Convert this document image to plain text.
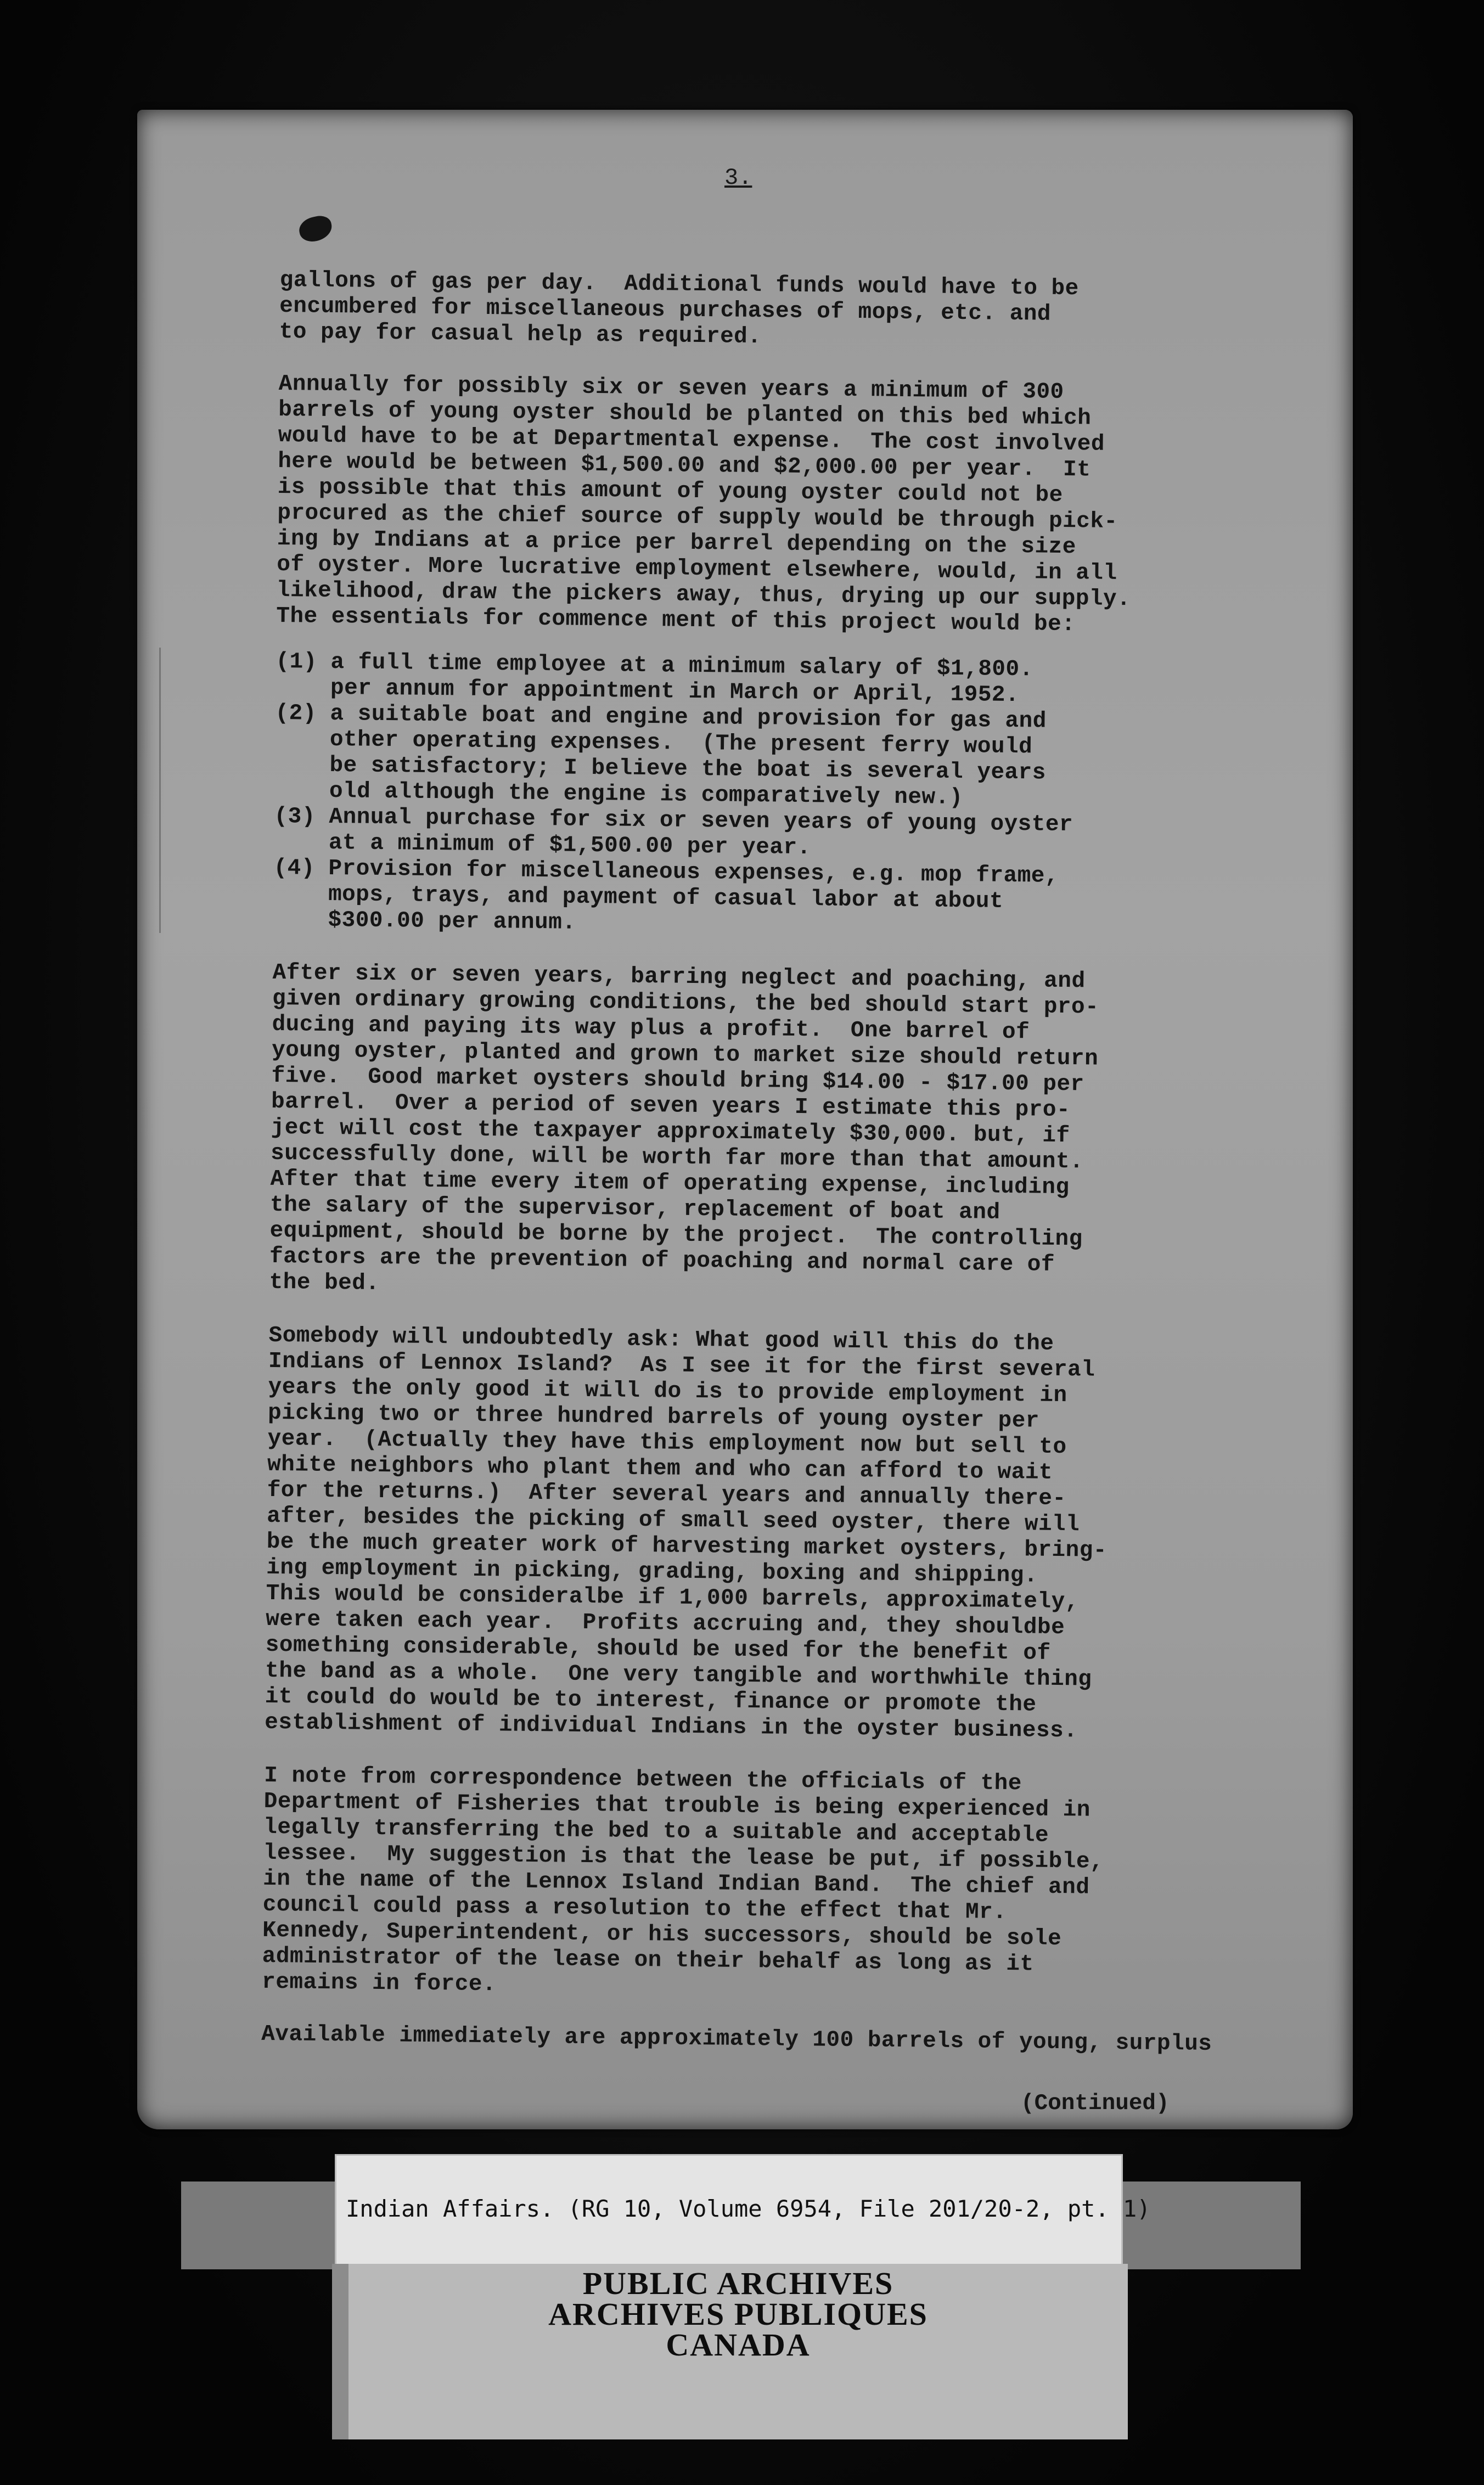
3.

gallons of gas per day.  Additional funds would have to be
encumbered for miscellaneous purchases of mops, etc. and
to pay for casual help as required.

Annually for possibly six or seven years a minimum of 300
barrels of young oyster should be planted on this bed which
would have to be at Departmental expense.  The cost involved
here would be between $1,500.00 and $2,000.00 per year.  It
is possible that this amount of young oyster could not be
procured as the chief source of supply would be through pick-
ing by Indians at a price per barrel depending on the size
of oyster. More lucrative employment elsewhere, would, in all
likelihood, draw the pickers away, thus, drying up our supply.
The essentials for commence ment of this project would be:

(1) a full time employee at a minimum salary of $1,800.
per annum for appointment in March or April, 1952.
(2) a suitable boat and engine and provision for gas and
other operating expenses.  (The present ferry would
be satisfactory; I believe the boat is several years
old although the engine is comparatively new.)
(3) Annual purchase for six or seven years of young oyster
at a minimum of $1,500.00 per year.
(4) Provision for miscellaneous expenses, e.g. mop frame,
mops, trays, and payment of casual labor at about
$300.00 per annum.

After six or seven years, barring neglect and poaching, and
given ordinary growing conditions, the bed should start pro-
ducing and paying its way plus a profit.  One barrel of
young oyster, planted and grown to market size should return
five.  Good market oysters should bring $14.00 - $17.00 per
barrel.  Over a period of seven years I estimate this pro-
ject will cost the taxpayer approximately $30,000. but, if
successfully done, will be worth far more than that amount.
After that time every item of operating expense, including
the salary of the supervisor, replacement of boat and
equipment, should be borne by the project.  The controlling
factors are the prevention of poaching and normal care of
the bed.

Somebody will undoubtedly ask: What good will this do the
Indians of Lennox Island?  As I see it for the first several
years the only good it will do is to provide employment in
picking two or three hundred barrels of young oyster per
year.  (Actually they have this employment now but sell to
white neighbors who plant them and who can afford to wait
for the returns.)  After several years and annually there-
after, besides the picking of small seed oyster, there will
be the much greater work of harvesting market oysters, bring-
ing employment in picking, grading, boxing and shipping.
This would be consideralbe if 1,000 barrels, approximately,
were taken each year.  Profits accruing and, they shouldbe
something considerable, should be used for the benefit of
the band as a whole.  One very tangible and worthwhile thing
it could do would be to interest, finance or promote the
establishment of individual Indians in the oyster business.

I note from correspondence between the officials of the
Department of Fisheries that trouble is being experienced in
legally transferring the bed to a suitable and acceptable
lessee.  My suggestion is that the lease be put, if possible,
in the name of the Lennox Island Indian Band.  The chief and
council could pass a resolution to the effect that Mr.
Kennedy, Superintendent, or his successors, should be sole
administrator of the lease on their behalf as long as it
remains in force.

Available immediately are approximately 100 barrels of young, surplus

(Continued)
Indian Affairs. (RG 10, Volume 6954, File 201/20-2, pt. 1)
PUBLIC ARCHIVES
ARCHIVES PUBLIQUES
CANADA
